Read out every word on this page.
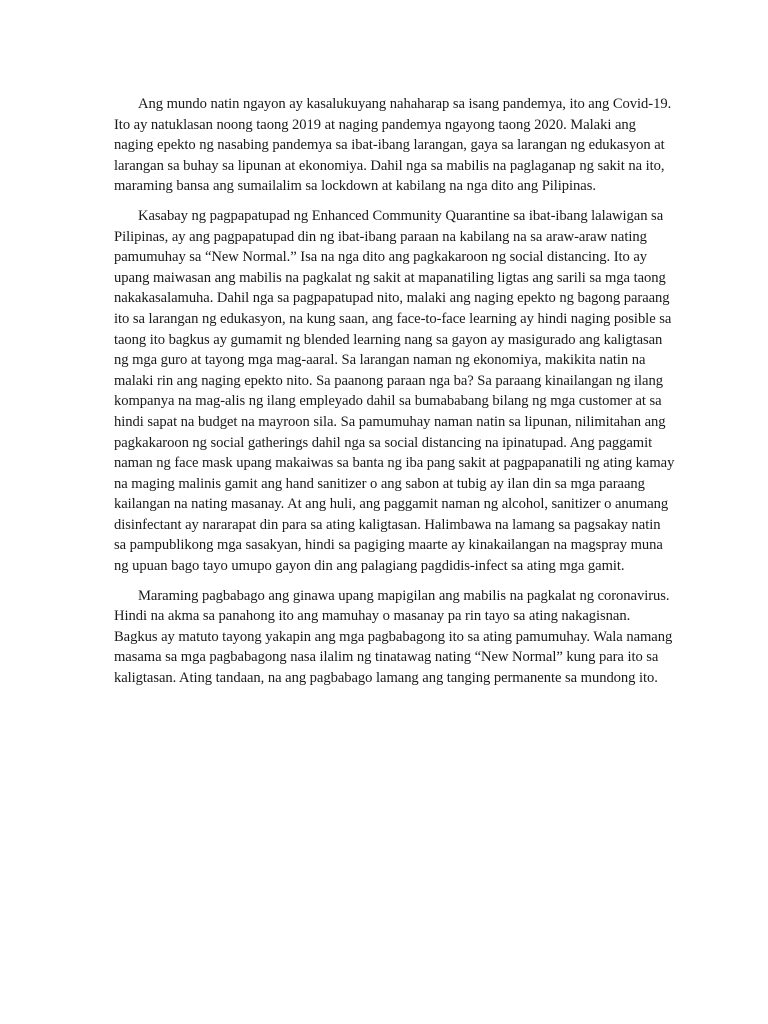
Ang mundo natin ngayon ay kasalukuyang nahaharap sa isang pandemya, ito ang Covid-19. Ito ay natuklasan noong taong 2019 at naging pandemya ngayong taong 2020. Malaki ang naging epekto ng nasabing pandemya sa ibat-ibang larangan, gaya sa larangan ng edukasyon at larangan sa buhay sa lipunan at ekonomiya. Dahil nga sa mabilis na paglaganap ng sakit na ito, maraming bansa ang sumailalim sa lockdown at kabilang na nga dito ang Pilipinas.

Kasabay ng pagpapatupad ng Enhanced Community Quarantine sa ibat-ibang lalawigan sa Pilipinas, ay ang pagpapatupad din ng ibat-ibang paraan na kabilang na sa araw-araw nating pamumuhay sa “New Normal.” Isa na nga dito ang pagkakaroon ng social distancing. Ito ay upang maiwasan ang mabilis na pagkalat ng sakit at mapanatiling ligtas ang sarili sa mga taong nakakasalamuha. Dahil nga sa pagpapatupad nito, malaki ang naging epekto ng bagong paraang ito sa larangan ng edukasyon, na kung saan, ang face-to-face learning ay hindi naging posible sa taong ito bagkus ay gumamit ng blended learning nang sa gayon ay masigurado ang kaligtasan ng mga guro at tayong mga mag-aaral. Sa larangan naman ng ekonomiya, makikita natin na malaki rin ang naging epekto nito. Sa paanong paraan nga ba? Sa paraang kinailangan ng ilang kompanya na mag-alis ng ilang empleyado dahil sa bumababang bilang ng mga customer at sa hindi sapat na budget na mayroon sila. Sa pamumuhay naman natin sa lipunan, nilimitahan ang pagkakaroon ng social gatherings dahil nga sa social distancing na ipinatupad. Ang paggamit naman ng face mask upang makaiwas sa banta ng iba pang sakit at pagpapanatili ng ating kamay na maging malinis gamit ang hand sanitizer o ang sabon at tubig ay ilan din sa mga paraang kailangan na nating masanay. At ang huli, ang paggamit naman ng alcohol, sanitizer o anumang disinfectant ay nararapat din para sa ating kaligtasan. Halimbawa na lamang sa pagsakay natin sa pampublikong mga sasakyan, hindi sa pagiging maarte ay kinakailangan na magspray muna ng upuan bago tayo umupo gayon din ang palagiang pagdidis-infect sa ating mga gamit.

Maraming pagbabago ang ginawa upang mapigilan ang mabilis na pagkalat ng coronavirus. Hindi na akma sa panahong ito ang mamuhay o masanay pa rin tayo sa ating nakagisnan. Bagkus ay matuto tayong yakapin ang mga pagbabagong ito sa ating pamumuhay. Wala namang masama sa mga pagbabagong nasa ilalim ng tinatawag nating “New Normal” kung para ito sa kaligtasan. Ating tandaan, na ang pagbabago lamang ang tanging permanente sa mundong ito.
